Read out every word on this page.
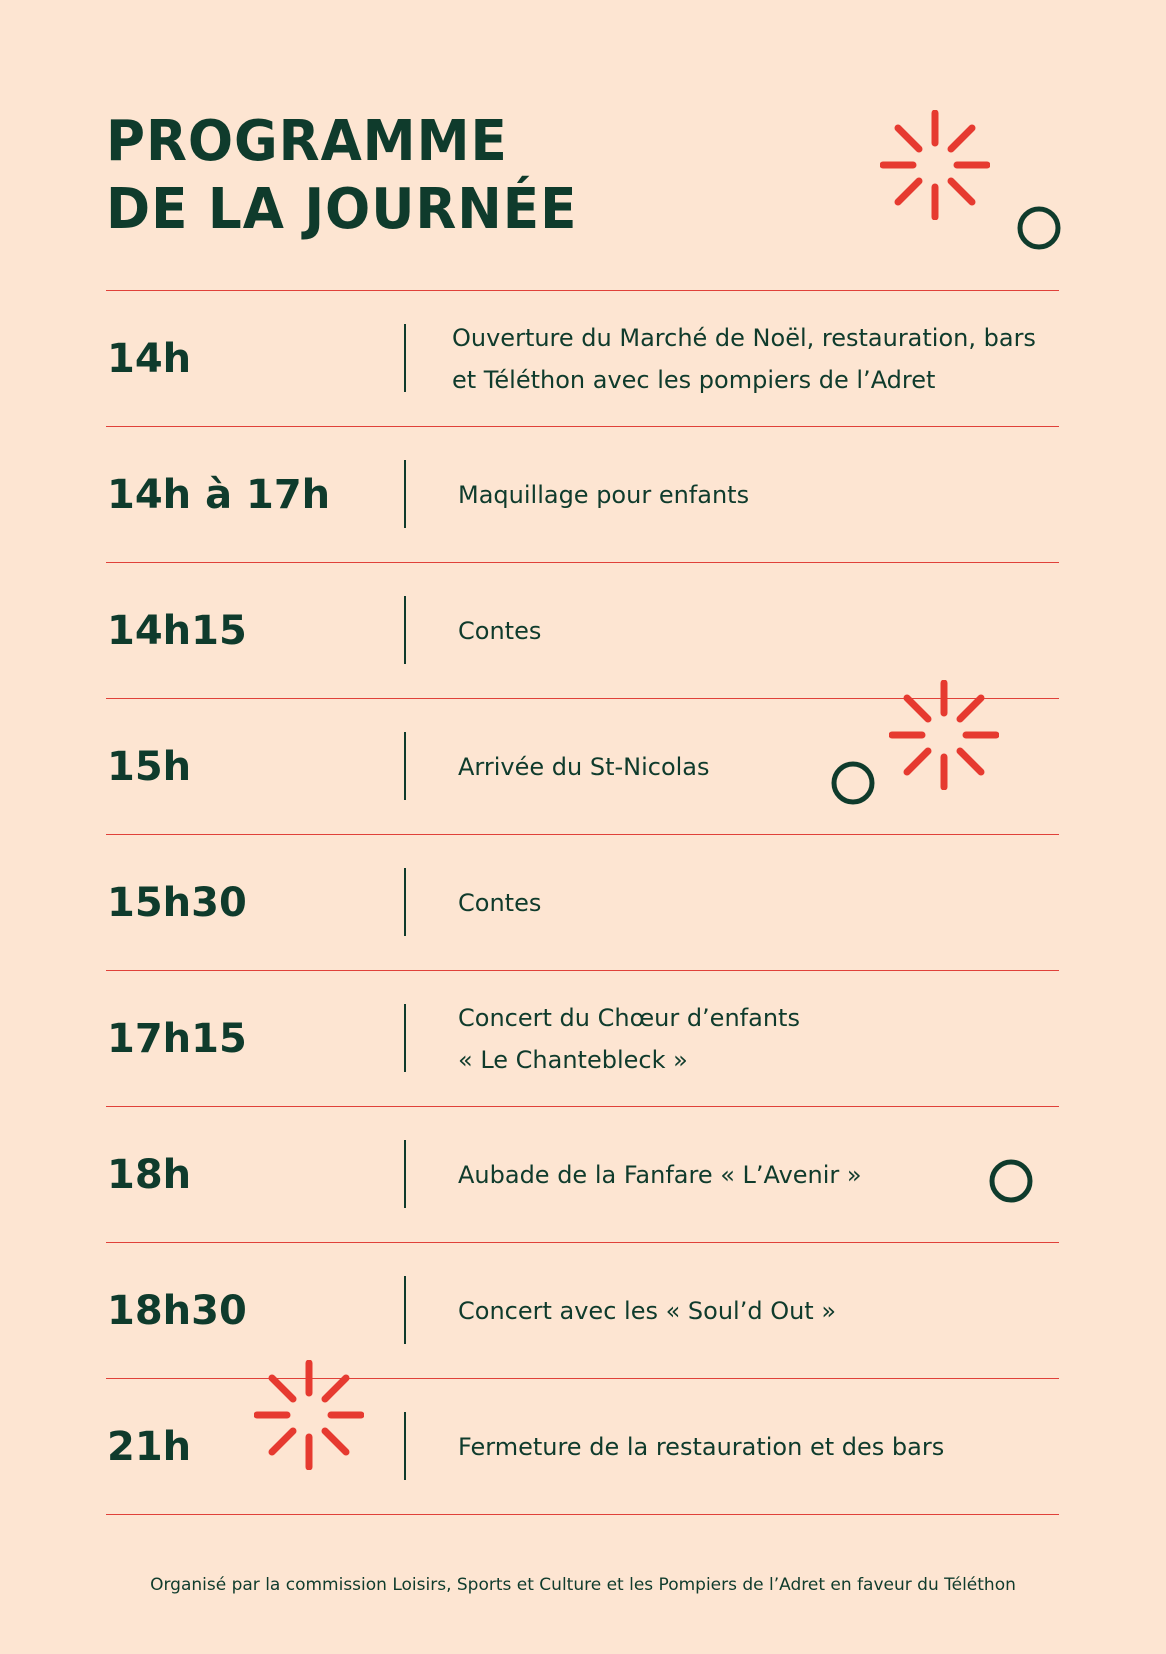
PROGRAMME
DE LA JOURNÉE
14h	Ouverture du Marché de Noël, restauration, bars
et Téléthon avec les pompiers de l’Adret
14h à 17h	Maquillage pour enfants
14h15	Contes
15h	Arrivée du St-Nicolas
15h30	Contes
17h15	Concert du Chœur d’enfants
« Le Chantebleck »
18h	Aubade de la Fanfare « L’Avenir »
18h30	Concert avec les « Soul’d Out »
21h	Fermeture de la restauration et des bars
Organisé par la commission Loisirs, Sports et Culture et les Pompiers de l’Adret en faveur du Téléthon
